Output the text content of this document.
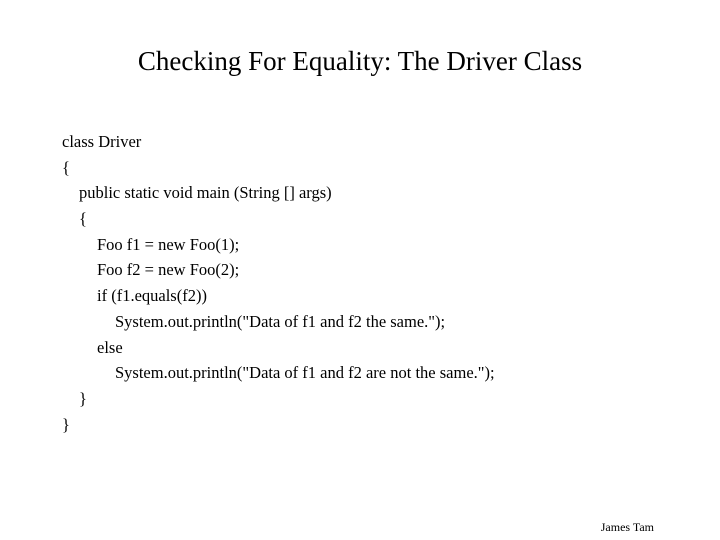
Checking For Equality: The Driver Class
class Driver
{
public static void main (String [] args)
{
Foo f1 = new Foo(1);
Foo f2 = new Foo(2);
if (f1.equals(f2))
System.out.println("Data of f1 and f2 the same.");
else
System.out.println("Data of f1 and f2 are not the same.");
}
}
James Tam
